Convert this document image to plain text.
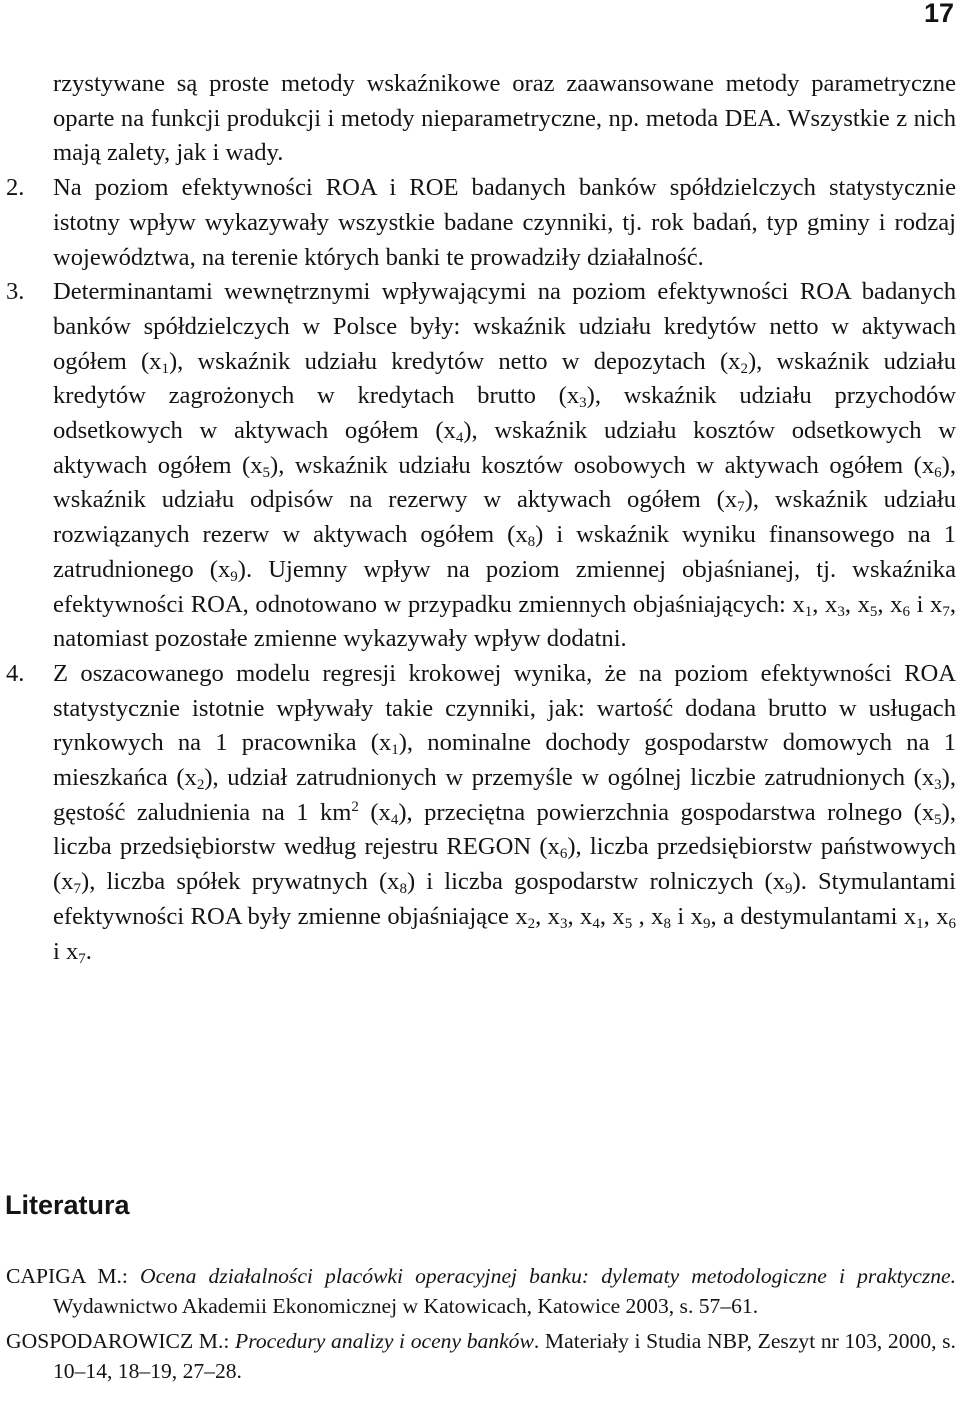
17
rzystywane są proste metody wskaźnikowe oraz zaawansowane metody parametryczne oparte na funkcji produkcji i metody nieparametryczne, np. metoda DEA. Wszystkie z nich mają zalety, jak i wady.
2.	Na poziom efektywności ROA i ROE badanych banków spółdzielczych statystycznie istotny wpływ wykazywały wszystkie badane czynniki, tj. rok badań, typ gminy i rodzaj województwa, na terenie których banki te prowadziły działalność.
3.	Determinantami wewnętrznymi wpływającymi na poziom efektywności ROA badanych banków spółdzielczych w Polsce były: wskaźnik udziału kredytów netto w aktywach ogółem $(x_1)$, wskaźnik udziału kredytów netto w depozytach $(x_2)$, wskaźnik udziału kredytów zagrożonych w kredytach brutto $(x_3)$, wskaźnik udziału przychodów odsetkowych w aktywach ogółem $(x_4)$, wskaźnik udziału kosztów odsetkowych w aktywach ogółem $(x_5)$, wskaźnik udziału kosztów osobowych w aktywach ogółem $(x_6)$, wskaźnik udziału odpisów na rezerwy w aktywach ogółem $(x_7)$, wskaźnik udziału rozwiązanych rezerw w aktywach ogółem $(x_8)$ i wskaźnik wyniku finansowego na 1 zatrudnionego $(x_9)$. Ujemny wpływ na poziom zmiennej objaśnianej, tj. wskaźnika efektywności ROA, odnotowano w przypadku zmiennych objaśniających: $x_1$, $x_3$, $x_5$, $x_6$ i $x_7$, natomiast pozostałe zmienne wykazywały wpływ dodatni.
4.	Z oszacowanego modelu regresji krokowej wynika, że na poziom efektywności ROA statystycznie istotnie wpływały takie czynniki, jak: wartość dodana brutto w usługach rynkowych na 1 pracownika $(x_1)$, nominalne dochody gospodarstw domowych na 1 mieszkańca $(x_2)$, udział zatrudnionych w przemyśle w ogólnej liczbie zatrudnionych $(x_3)$, gęstość zaludnienia na 1 $km^2$ $(x_4)$, przeciętna powierzchnia gospodarstwa rolnego $(x_5)$, liczba przedsiębiorstw według rejestru REGON $(x_6)$, liczba przedsiębiorstw państwowych $(x_7)$, liczba spółek prywatnych $(x_8)$ i liczba gospodarstw rolniczych $(x_9)$. Stymulantami efektywności ROA były zmienne objaśniające $x_2$, $x_3$, $x_4$, $x_5$ , $x_8$ i $x_9$, a destymulantami $x_1$, $x_6$ i $x_7$.
Literatura
CAPIGA M.: Ocena działalności placówki operacyjnej banku: dylematy metodologiczne i praktyczne. Wydawnictwo Akademii Ekonomicznej w Katowicach, Katowice 2003, s. 57–61.
GOSPODAROWICZ M.: Procedury analizy i oceny banków. Materiały i Studia NBP, Zeszyt nr 103, 2000, s. 10–14, 18–19, 27–28.
